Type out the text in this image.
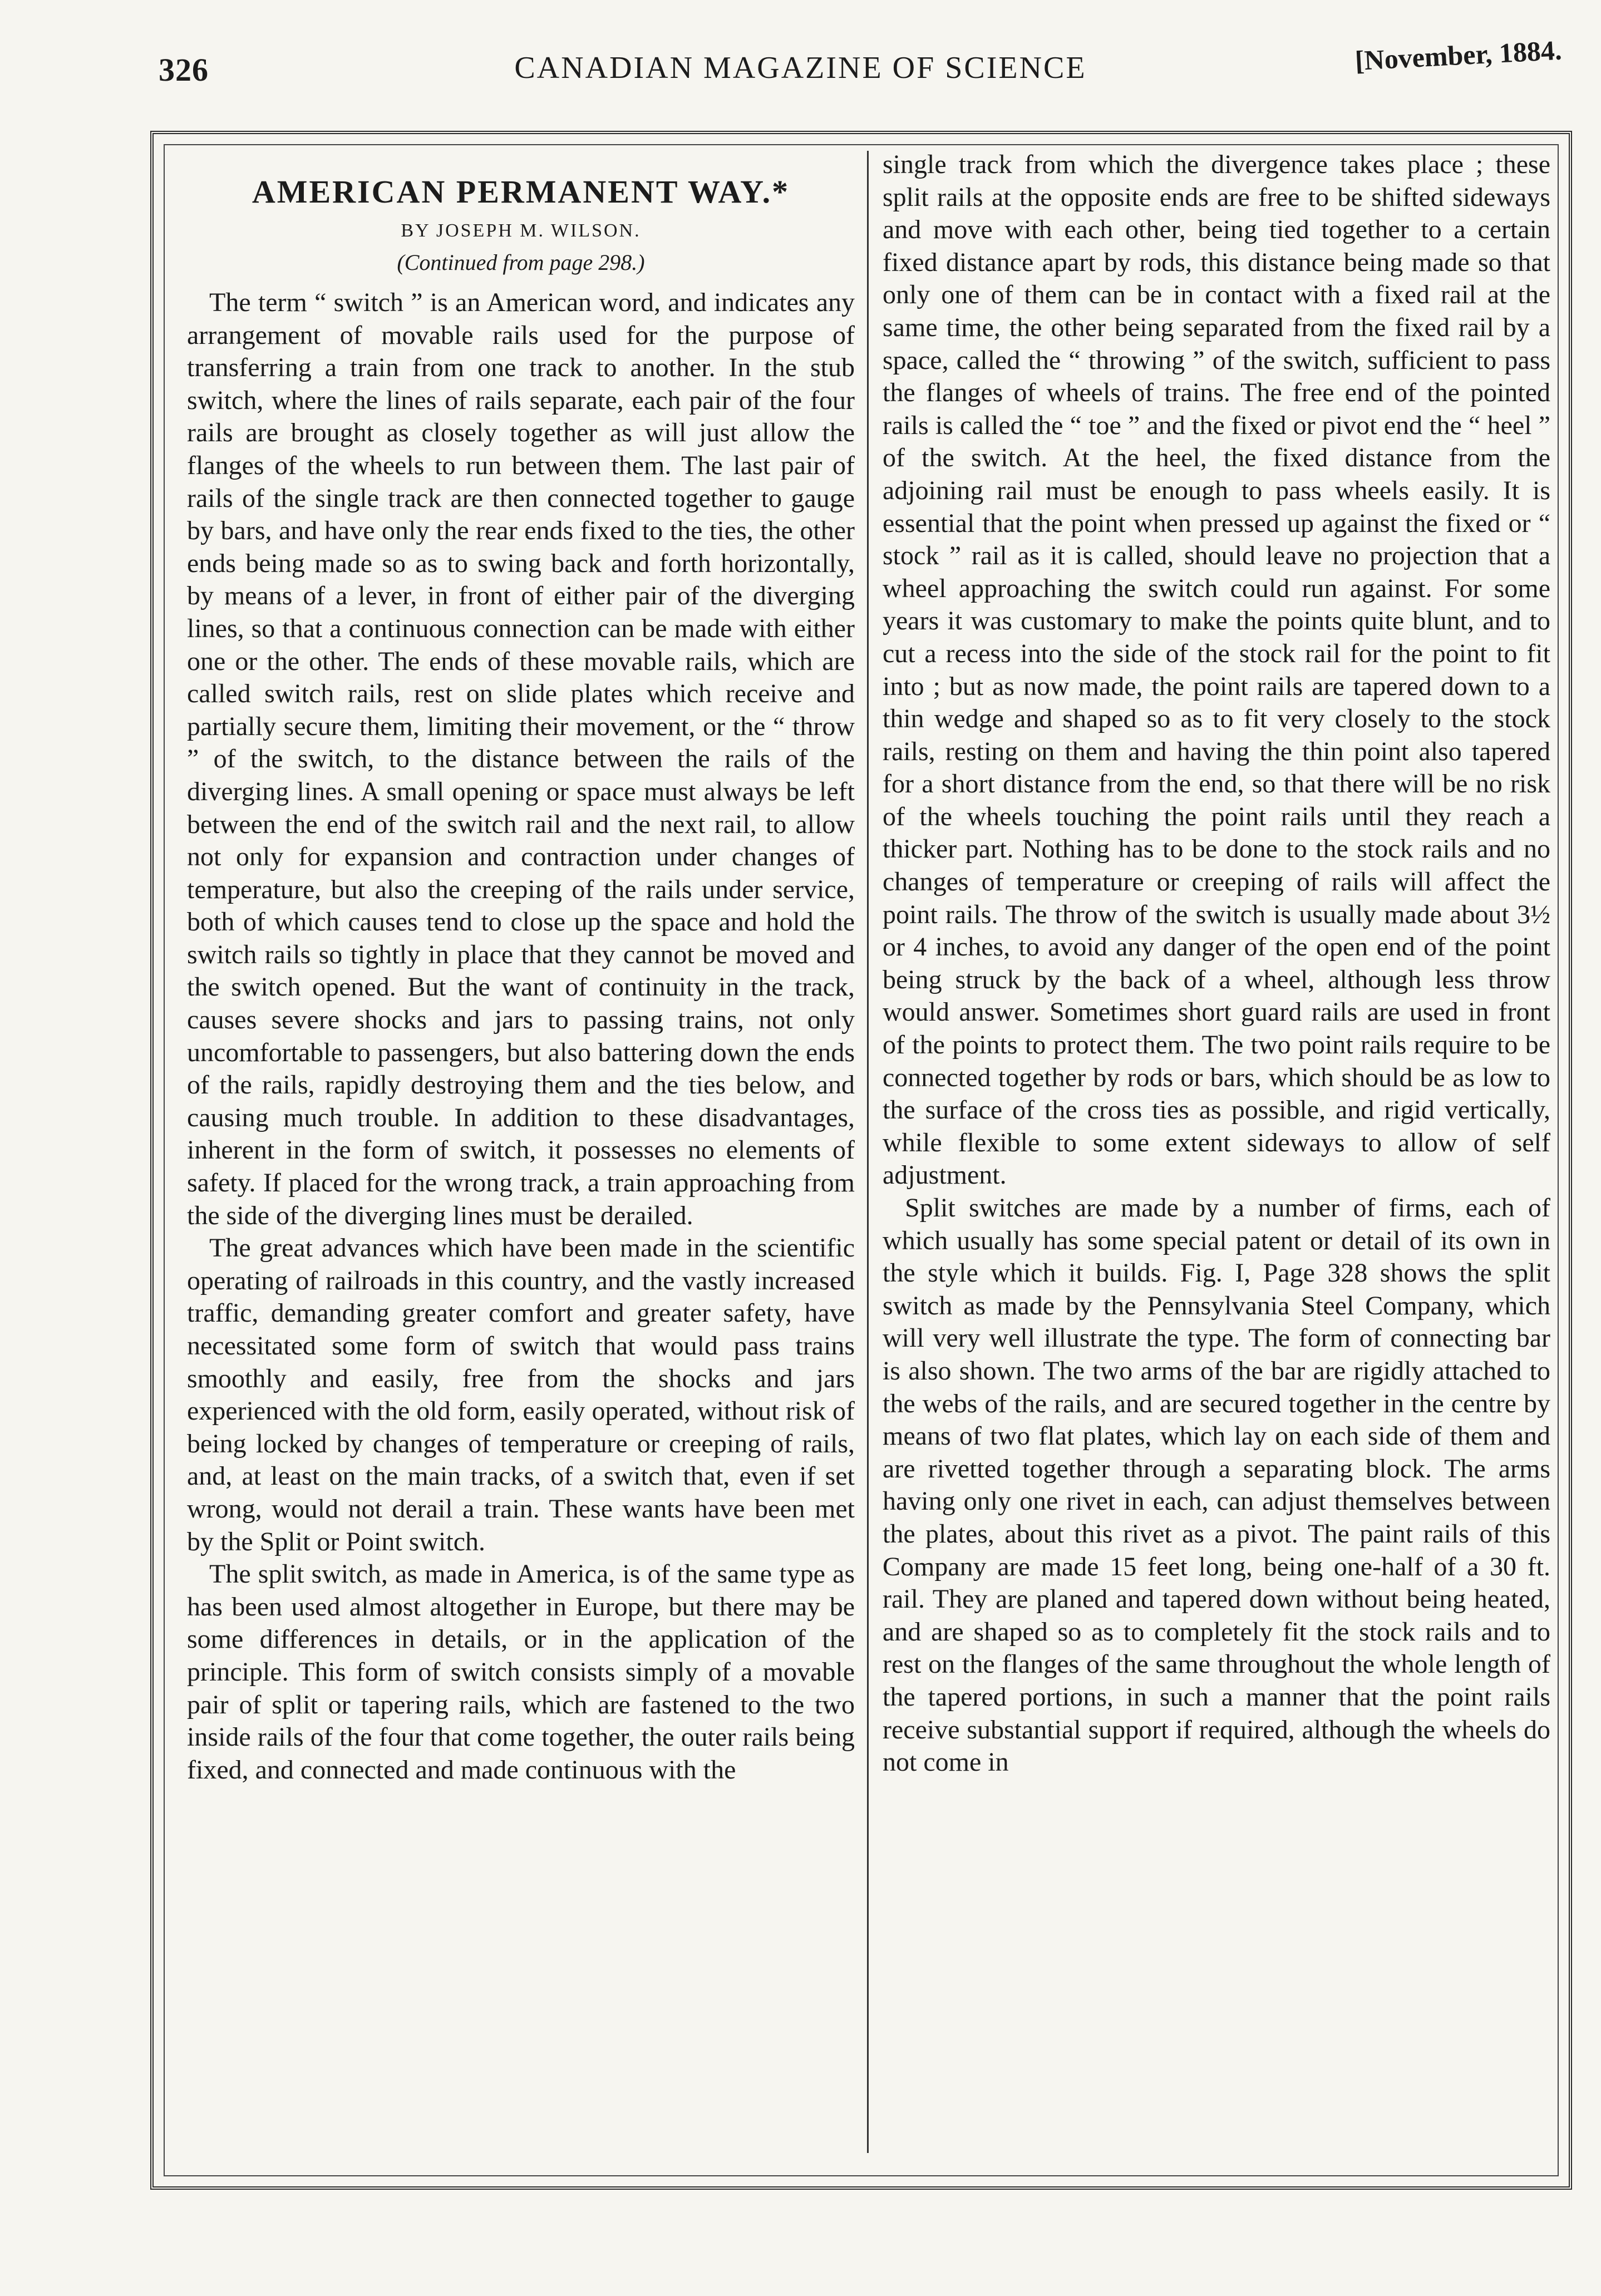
326	CANADIAN MAGAZINE OF SCIENCE	[November, 1884.
AMERICAN PERMANENT WAY.*
BY JOSEPH M. WILSON.
(Continued from page 298.)

The term “ switch ” is an American word, and indicates any arrangement of movable rails used for the purpose of transferring a train from one track to another. In the stub switch, where the lines of rails separate, each pair of the four rails are brought as closely together as will just allow the flanges of the wheels to run between them. The last pair of rails of the single track are then connected together to gauge by bars, and have only the rear ends fixed to the ties, the other ends being made so as to swing back and forth horizontally, by means of a lever, in front of either pair of the diverging lines, so that a continuous connection can be made with either one or the other. The ends of these movable rails, which are called switch rails, rest on slide plates which receive and partially secure them, limiting their movement, or the “ throw ” of the switch, to the distance between the rails of the diverging lines. A small opening or space must always be left between the end of the switch rail and the next rail, to allow not only for expansion and contraction under changes of temperature, but also the creeping of the rails under service, both of which causes tend to close up the space and hold the switch rails so tightly in place that they cannot be moved and the switch opened. But the want of continuity in the track, causes severe shocks and jars to passing trains, not only uncomfortable to passengers, but also battering down the ends of the rails, rapidly destroying them and the ties below, and causing much trouble. In addition to these disadvantages, inherent in the form of switch, it possesses no elements of safety. If placed for the wrong track, a train approaching from the side of the diverging lines must be derailed.

The great advances which have been made in the scientific operating of railroads in this country, and the vastly increased traffic, demanding greater comfort and greater safety, have necessitated some form of switch that would pass trains smoothly and easily, free from the shocks and jars experienced with the old form, easily operated, without risk of being locked by changes of temperature or creeping of rails, and, at least on the main tracks, of a switch that, even if set wrong, would not derail a train. These wants have been met by the Split or Point switch.

The split switch, as made in America, is of the same type as has been used almost altogether in Europe, but there may be some differences in details, or in the application of the principle. This form of switch consists simply of a movable pair of split or tapering rails, which are fastened to the two inside rails of the four that come together, the outer rails being fixed, and connected and made continuous with the

single track from which the divergence takes place ; these split rails at the opposite ends are free to be shifted sideways and move with each other, being tied together to a certain fixed distance apart by rods, this distance being made so that only one of them can be in contact with a fixed rail at the same time, the other being separated from the fixed rail by a space, called the “ throwing ” of the switch, sufficient to pass the flanges of wheels of trains. The free end of the pointed rails is called the “ toe ” and the fixed or pivot end the “ heel ” of the switch. At the heel, the fixed distance from the adjoining rail must be enough to pass wheels easily. It is essential that the point when pressed up against the fixed or “ stock ” rail as it is called, should leave no projection that a wheel approaching the switch could run against. For some years it was customary to make the points quite blunt, and to cut a recess into the side of the stock rail for the point to fit into ; but as now made, the point rails are tapered down to a thin wedge and shaped so as to fit very closely to the stock rails, resting on them and having the thin point also tapered for a short distance from the end, so that there will be no risk of the wheels touching the point rails until they reach a thicker part. Nothing has to be done to the stock rails and no changes of temperature or creeping of rails will affect the point rails. The throw of the switch is usually made about 3½ or 4 inches, to avoid any danger of the open end of the point being struck by the back of a wheel, although less throw would answer. Sometimes short guard rails are used in front of the points to protect them. The two point rails require to be connected together by rods or bars, which should be as low to the surface of the cross ties as possible, and rigid vertically, while flexible to some extent sideways to allow of self adjustment.

Split switches are made by a number of firms, each of which usually has some special patent or detail of its own in the style which it builds. Fig. I, Page 328 shows the split switch as made by the Pennsylvania Steel Company, which will very well illustrate the type. The form of connecting bar is also shown. The two arms of the bar are rigidly attached to the webs of the rails, and are secured together in the centre by means of two flat plates, which lay on each side of them and are rivetted together through a separating block. The arms having only one rivet in each, can adjust themselves between the plates, about this rivet as a pivot. The paint rails of this Company are made 15 feet long, being one-half of a 30 ft. rail. They are planed and tapered down without being heated, and are shaped so as to completely fit the stock rails and to rest on the flanges of the same throughout the whole length of the tapered portions, in such a manner that the point rails receive substantial support if required, although the wheels do not come in
